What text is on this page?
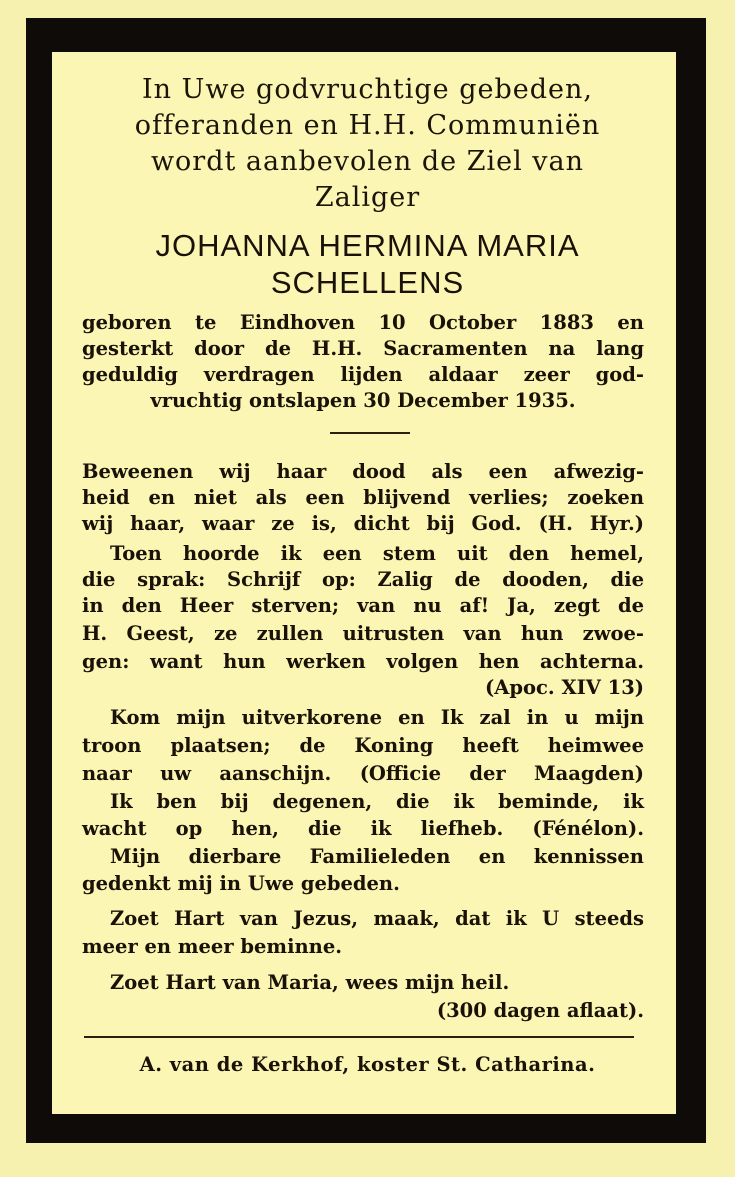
In Uwe godvruchtige gebeden,
offeranden en H.H. Communiën
wordt aanbevolen de Ziel van
Zaliger
JOHANNA HERMINA MARIA
SCHELLENS
geboren te Eindhoven 10 October 1883 en
gesterkt door de H.H. Sacramenten na lang
geduldig verdragen lijden aldaar zeer god-
vruchtig ontslapen 30 December 1935.
Beweenen wij haar dood als een afwezig-
heid en niet als een blijvend verlies; zoeken
wij haar, waar ze is, dicht bij God. (H. Hyr.)
Toen hoorde ik een stem uit den hemel,
die sprak: Schrijf op: Zalig de dooden, die
in den Heer sterven; van nu af! Ja, zegt de
H. Geest, ze zullen uitrusten van hun zwoe-
gen: want hun werken volgen hen achterna.
(Apoc. XIV 13)
Kom mijn uitverkorene en Ik zal in u mijn
troon plaatsen; de Koning heeft heimwee
naar uw aanschijn. (Officie der Maagden)
Ik ben bij degenen, die ik beminde, ik
wacht op hen, die ik liefheb. (Fénélon).
Mijn dierbare Familieleden en kennissen
gedenkt mij in Uwe gebeden.
Zoet Hart van Jezus, maak, dat ik U steeds
meer en meer beminne.
Zoet Hart van Maria, wees mijn heil.
(300 dagen aflaat).
A. van de Kerkhof, koster St. Catharina.
